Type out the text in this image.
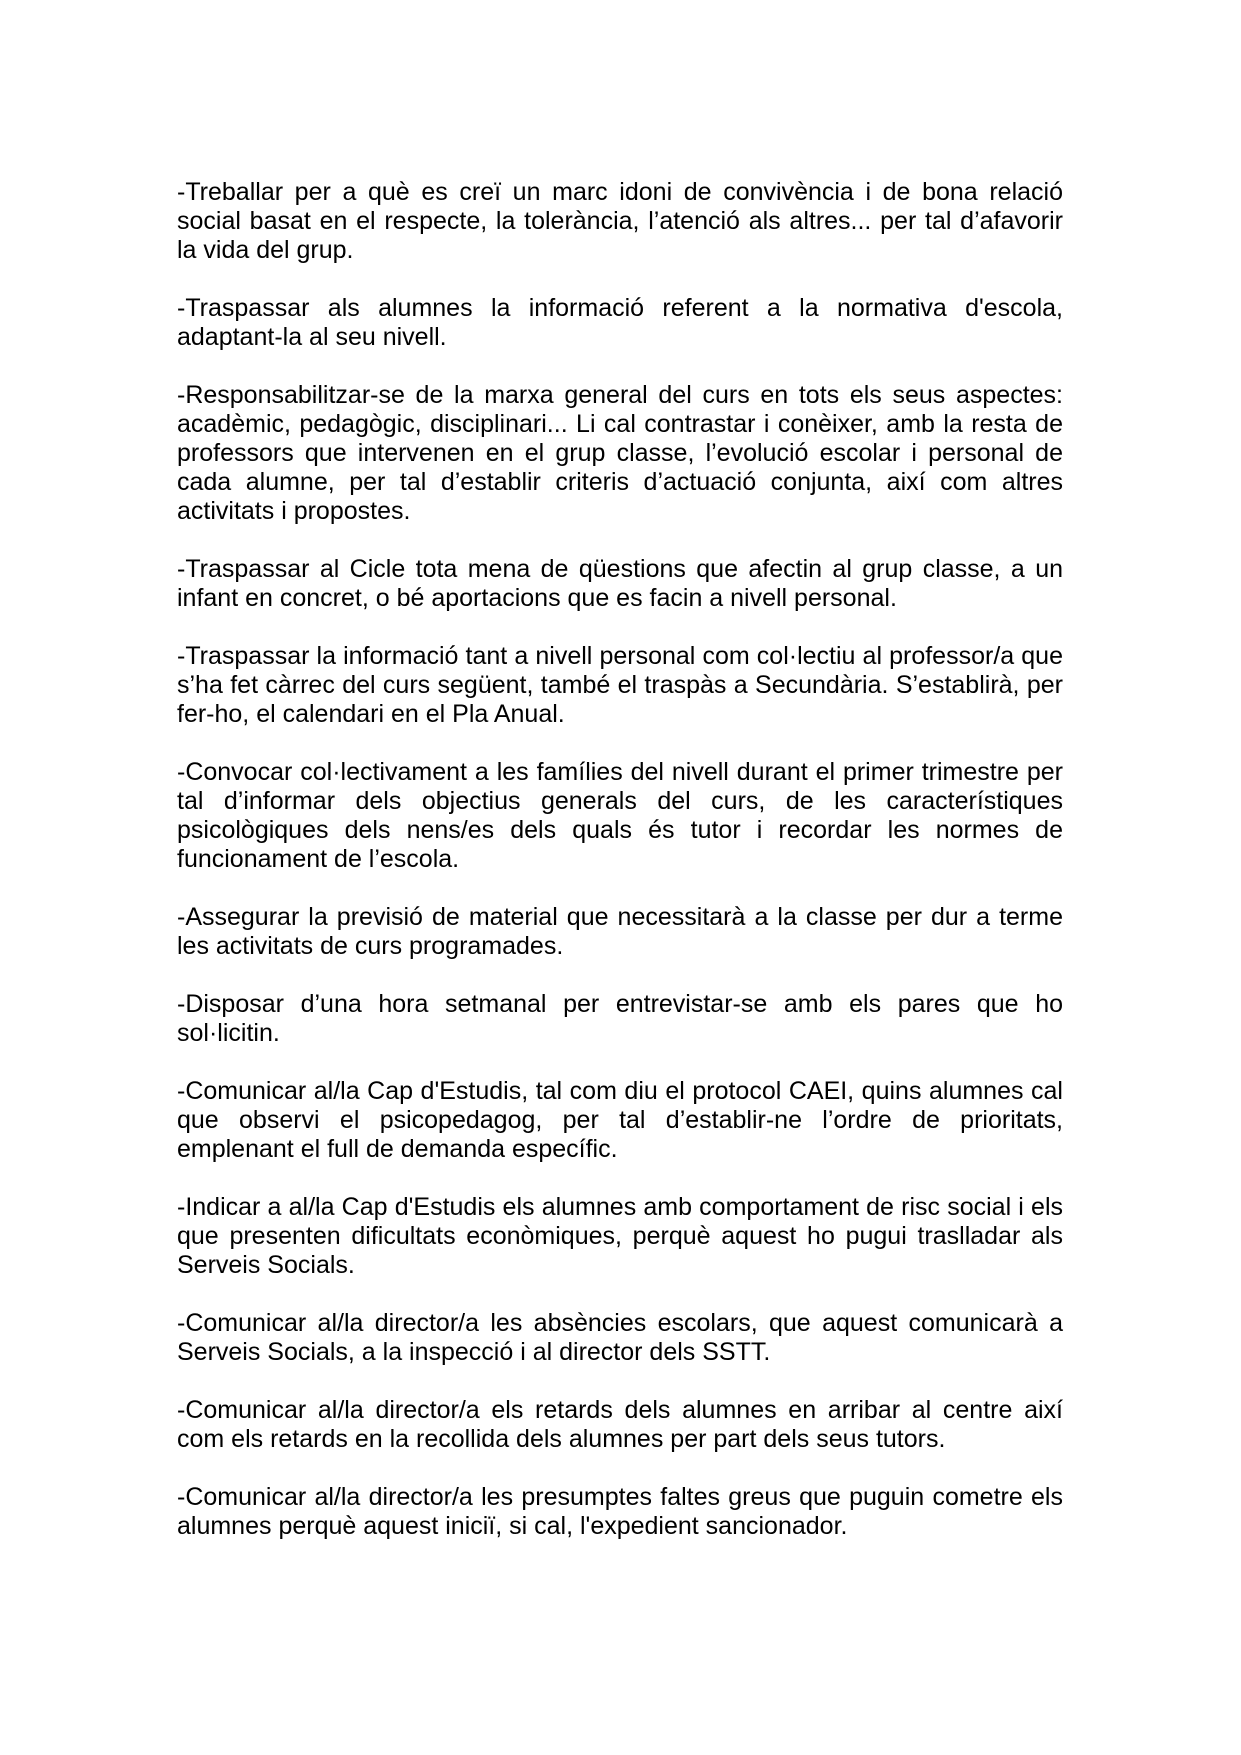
-Treballar per a què es creï un marc idoni de convivència i de bona relació social basat en el respecte, la tolerància, l’atenció als altres... per tal d’afavorir la vida del grup.

-Traspassar als alumnes la informació referent a la normativa d'escola, adaptant-la al seu nivell.

-Responsabilitzar-se de la marxa general del curs en tots els seus aspectes: acadèmic, pedagògic, disciplinari... Li cal contrastar i conèixer, amb la resta de professors que intervenen en el grup classe, l’evolució escolar i personal de cada alumne, per tal d’establir criteris d’actuació conjunta, així com altres activitats i propostes.

-Traspassar al Cicle tota mena de qüestions que afectin al grup classe, a un infant en concret, o bé aportacions que es facin a nivell personal.

-Traspassar la informació tant a nivell personal com col·lectiu al professor/a que s’ha fet càrrec del curs següent, també el traspàs a Secundària. S’establirà, per fer-ho, el calendari en el Pla Anual.

-Convocar col·lectivament a les famílies del nivell durant el primer trimestre per tal d’informar dels objectius generals del curs, de les característiques psicològiques dels nens/es dels quals és tutor i recordar les normes de funcionament de l’escola.

-Assegurar la previsió de material que necessitarà a la classe per dur a terme les activitats de curs programades.

-Disposar d’una hora setmanal per entrevistar-se amb els pares que ho sol·licitin.

-Comunicar al/la Cap d'Estudis, tal com diu el protocol CAEI, quins alumnes cal que observi el psicopedagog, per tal d’establir-ne l’ordre de prioritats, emplenant el full de demanda específic.

-Indicar a al/la Cap d'Estudis els alumnes amb comportament de risc social i els que presenten dificultats econòmiques, perquè aquest ho pugui traslladar als Serveis Socials.

-Comunicar al/la director/a les absències escolars, que aquest comunicarà a Serveis Socials, a la inspecció i al director dels SSTT.

-Comunicar al/la director/a els retards dels alumnes en arribar al centre així com els retards en la recollida dels alumnes per part dels seus tutors.

-Comunicar al/la director/a les presumptes faltes greus que puguin cometre els alumnes perquè aquest iniciï, si cal, l'expedient sancionador.
